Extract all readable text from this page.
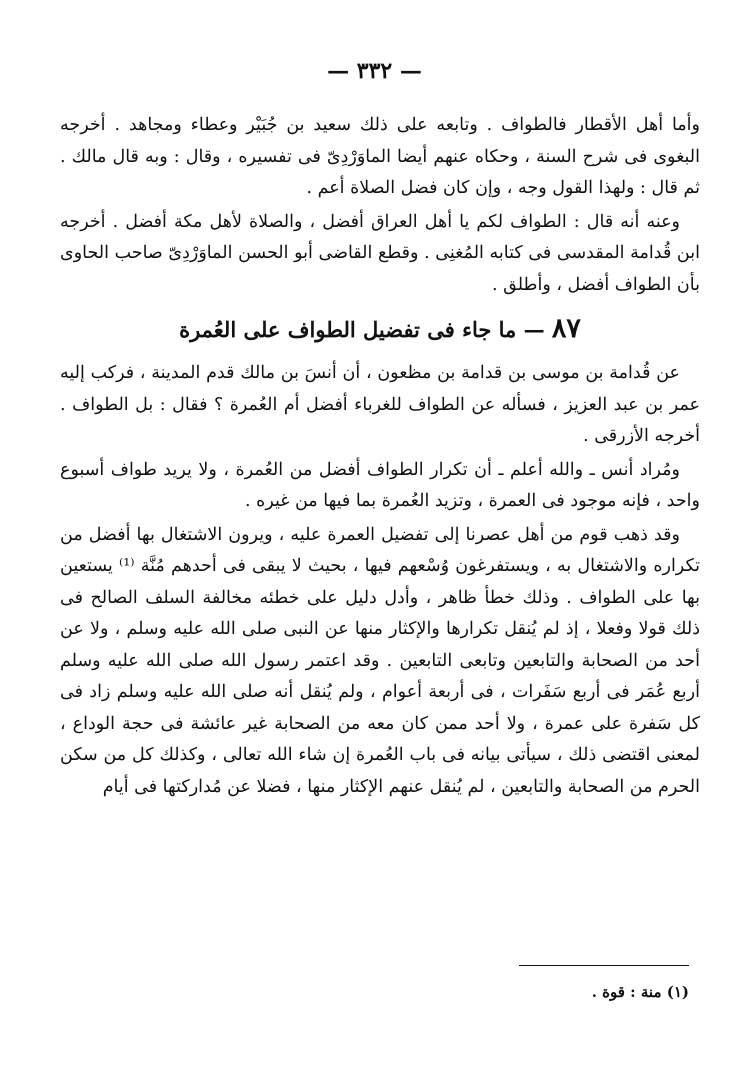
— ٣٣٢ —

وأما أهل الأقطار فالطواف . وتابعه على ذلك سعيد بن جُبَيْر وعطاء ومجاهد . أخرجه البغوى فى شرح السنة ، وحكاه عنهم أيضا الماوَرْدِىّ فى تفسيره ، وقال : وبه قال مالك . ثم قال : ولهذا القول وجه ، وإن كان فضل الصلاة أعم .

وعنه أنه قال : الطواف لكم يا أهل العراق أفضل ، والصلاة لأهل مكة أفضل . أخرجه ابن قُدامة المقدسى فى كتابه المُغنِى . وقطع القاضى أبو الحسن الماوَرْدِىّ صاحب الحاوى بأن الطواف أفضل ، وأطلق .

٨٧ — ما جاء فى تفضيل الطواف على العُمرة

عن قُدامة بن موسى بن قدامة بن مظعون ، أن أنسَ بن مالك قدم المدينة ، فركب إليه عمر بن عبد العزيز ، فسأله عن الطواف للغرباء أفضل أم العُمرة ؟ فقال : بل الطواف . أخرجه الأزرقى .

ومُراد أنس ـ والله أعلم ـ أن تكرار الطواف أفضل من العُمرة ، ولا يريد طواف أسبوع واحد ، فإنه موجود فى العمرة ، وتزيد العُمرة بما فيها من غيره .

وقد ذهب قوم من أهل عصرنا إلى تفضيل العمرة عليه ، ويرون الاشتغال بها أفضل من تكراره والاشتغال به ، ويستفرغون وُسْعهم فيها ، بحيث لا يبقى فى أحدهم مُنَّة ⁽¹⁾ يستعين بها على الطواف . وذلك خطأ ظاهر ، وأدل دليل على خطئه مخالفة السلف الصالح فى ذلك قولا وفعلا ، إذ لم يُنقل تكرارها والإكثار منها عن النبى صلى الله عليه وسلم ، ولا عن أحد من الصحابة والتابعين وتابعى التابعين . وقد اعتمر رسول الله صلى الله عليه وسلم أربع عُمَر فى أربع سَفَرات ، فى أربعة أعوام ، ولم يُنقل أنه صلى الله عليه وسلم زاد فى كل سَفرة على عمرة ، ولا أحد ممن كان معه من الصحابة غير عائشة فى حجة الوداع ، لمعنى اقتضى ذلك ، سيأتى بيانه فى باب العُمرة إن شاء الله تعالى ، وكذلك كل من سكن الحرم من الصحابة والتابعين ، لم يُنقل عنهم الإكثار منها ، فضلا عن مُداركتها فى أيام

(١) منة : قوة .
